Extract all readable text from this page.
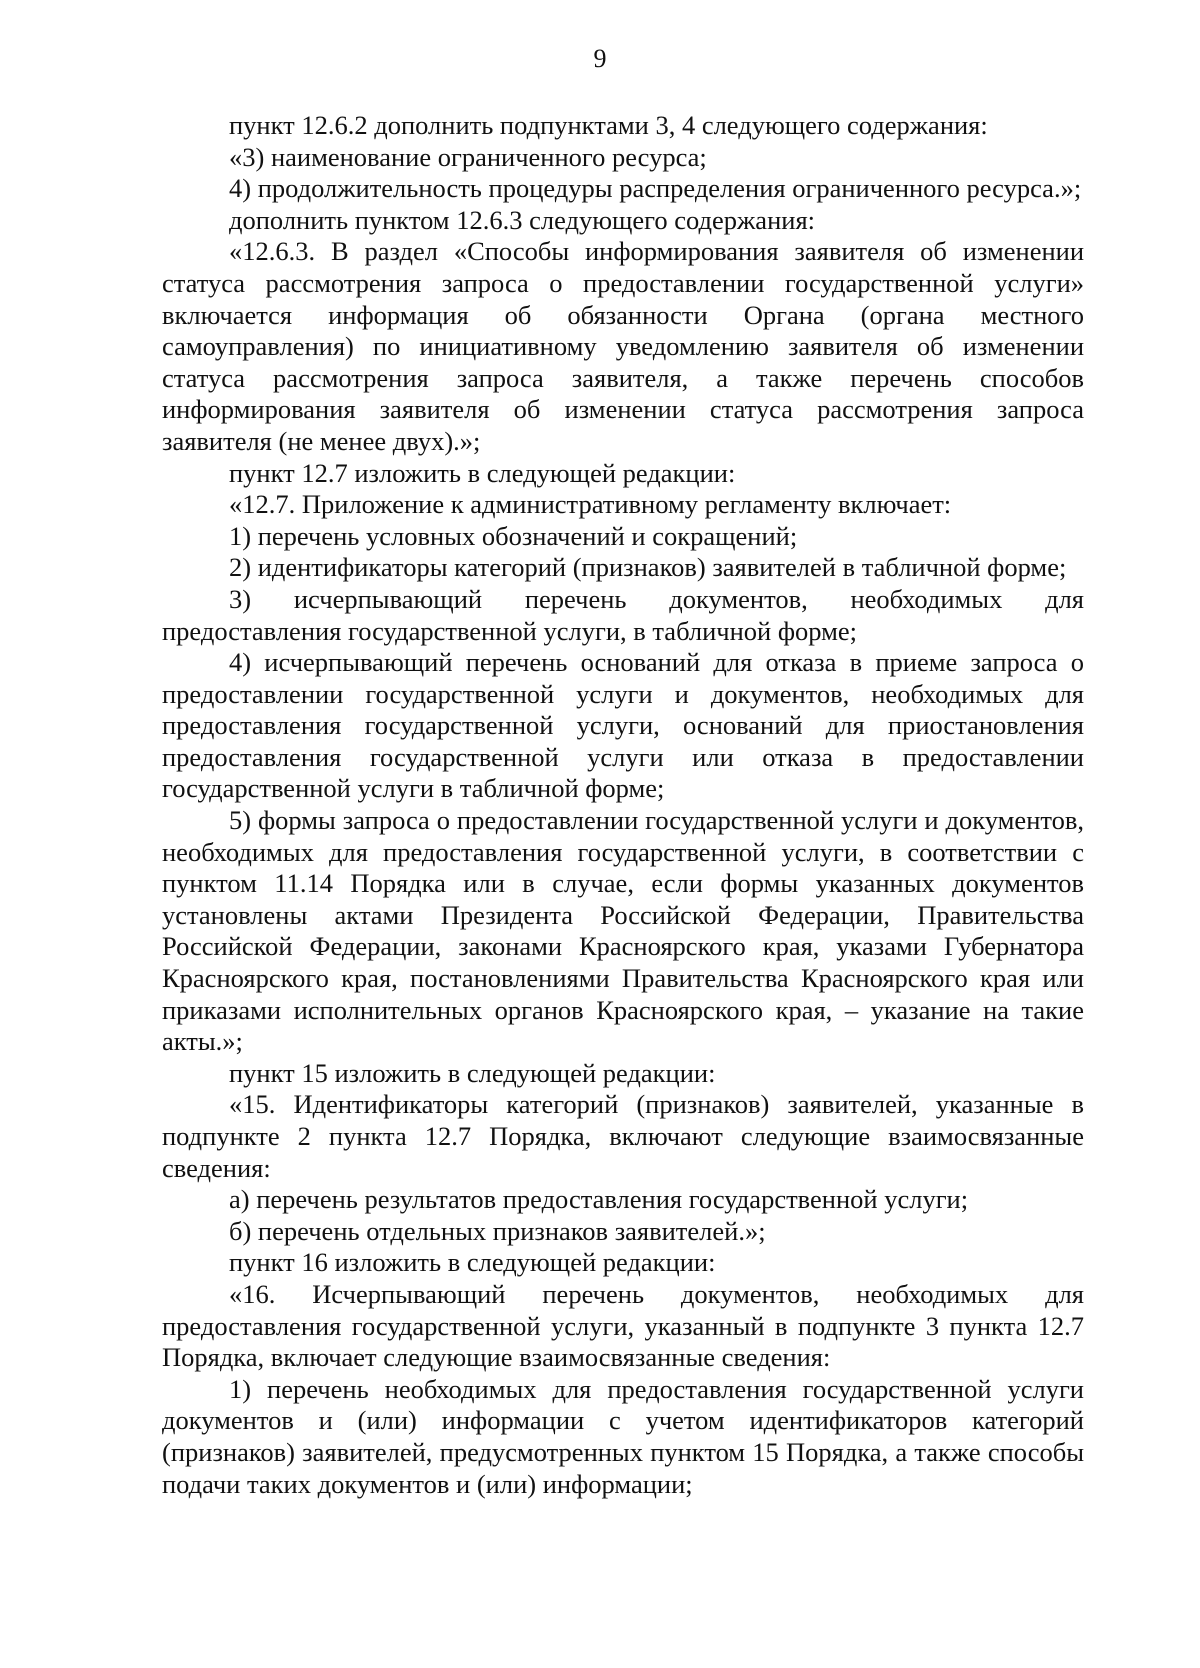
9

пункт 12.6.2 дополнить подпунктами 3, 4 следующего содержания:

«3) наименование ограниченного ресурса;

4) продолжительность процедуры распределения ограниченного ресурса.»;

дополнить пунктом 12.6.3 следующего содержания:

«12.6.3. В раздел «Способы информирования заявителя об изменении статуса рассмотрения запроса о предоставлении государственной услуги» включается информация об обязанности Органа (органа местного самоуправления) по инициативному уведомлению заявителя об изменении статуса рассмотрения запроса заявителя, а также перечень способов информирования заявителя об изменении статуса рассмотрения запроса заявителя (не менее двух).»;

пункт 12.7 изложить в следующей редакции:

«12.7. Приложение к административному регламенту включает:

1) перечень условных обозначений и сокращений;

2) идентификаторы категорий (признаков) заявителей в табличной форме;

3) исчерпывающий перечень документов, необходимых для предоставления государственной услуги, в табличной форме;

4) исчерпывающий перечень оснований для отказа в приеме запроса о предоставлении государственной услуги и документов, необходимых для предоставления государственной услуги, оснований для приостановления предоставления государственной услуги или отказа в предоставлении государственной услуги в табличной форме;

5) формы запроса о предоставлении государственной услуги и документов, необходимых для предоставления государственной услуги, в соответствии с пунктом 11.14 Порядка или в случае, если формы указанных документов установлены актами Президента Российской Федерации, Правительства Российской Федерации, законами Красноярского края, указами Губернатора Красноярского края, постановлениями Правительства Красноярского края или приказами исполнительных органов Красноярского края, – указание на такие акты.»;

пункт 15 изложить в следующей редакции:

«15. Идентификаторы категорий (признаков) заявителей, указанные в подпункте 2 пункта 12.7 Порядка, включают следующие взаимосвязанные сведения:

а) перечень результатов предоставления государственной услуги;

б) перечень отдельных признаков заявителей.»;

пункт 16 изложить в следующей редакции:

«16. Исчерпывающий перечень документов, необходимых для предоставления государственной услуги, указанный в подпункте 3 пункта 12.7 Порядка, включает следующие взаимосвязанные сведения:

1) перечень необходимых для предоставления государственной услуги документов и (или) информации с учетом идентификаторов категорий (признаков) заявителей, предусмотренных пунктом 15 Порядка, а также способы подачи таких документов и (или) информации;
